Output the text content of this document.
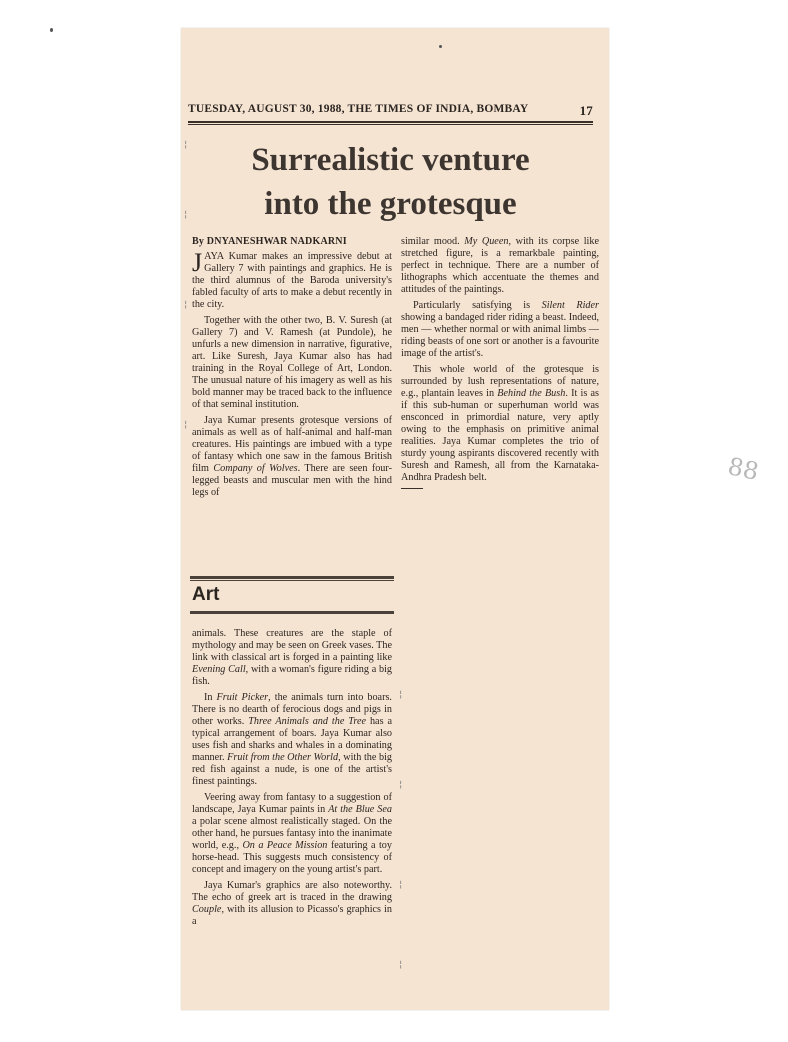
TUESDAY, AUGUST 30, 1988, THE TIMES OF INDIA, BOMBAY	17
Surrealistic venture
into the grotesque
By DNYANESHWAR NADKARNI

JAYA Kumar makes an impressive debut at Gallery 7 with paintings and graphics. He is the third alumnus of the Baroda university's fabled faculty of arts to make a debut recently in the city.

Together with the other two, B. V. Suresh (at Gallery 7) and V. Ramesh (at Pundole), he unfurls a new dimension in narrative, figurative, art. Like Suresh, Jaya Kumar also has had training in the Royal College of Art, London. The unusual nature of his imagery as well as his bold manner may be traced back to the influence of that seminal institution.

Jaya Kumar presents grotesque versions of animals as well as of half-animal and half-man creatures. His paintings are imbued with a type of fantasy which one saw in the famous British film Company of Wolves. There are seen four-legged beasts and muscular men with the hind legs of

Art

animals. These creatures are the staple of mythology and may be seen on Greek vases. The link with classical art is forged in a painting like Evening Call, with a woman's figure riding a big fish.

In Fruit Picker, the animals turn into boars. There is no dearth of ferocious dogs and pigs in other works. Three Animals and the Tree has a typical arrangement of boars. Jaya Kumar also uses fish and sharks and whales in a dominating manner. Fruit from the Other World, with the big red fish against a nude, is one of the artist's finest paintings.

Veering away from fantasy to a suggestion of landscape, Jaya Kumar paints in At the Blue Sea a polar scene almost realistically staged. On the other hand, he pursues fantasy into the inanimate world, e.g., On a Peace Mission featuring a toy horse-head. This suggests much consistency of concept and imagery on the young artist's part.

Jaya Kumar's graphics are also noteworthy. The echo of greek art is traced in the drawing Couple, with its allusion to Picasso's graphics in a

similar mood. My Queen, with its corpse like stretched figure, is a remarkbale painting, perfect in technique. There are a number of lithographs which accentuate the themes and attitudes of the paintings.

Particularly satisfying is Silent Rider showing a bandaged rider riding a beast. Indeed, men — whether normal or with animal limbs — riding beasts of one sort or another is a favourite image of the artist's.

This whole world of the grotesque is surrounded by lush representations of nature, e.g., plantain leaves in Behind the Bush. It is as if this sub-human or superhuman world was ensconced in primordial nature, very aptly owing to the emphasis on primitive animal realities. Jaya Kumar completes the trio of sturdy young aspirants discovered recently with Suresh and Ramesh, all from the Karnataka-Andhra Pradesh belt.	88
¦
¦
¦
¦
¦
¦
¦
¦
